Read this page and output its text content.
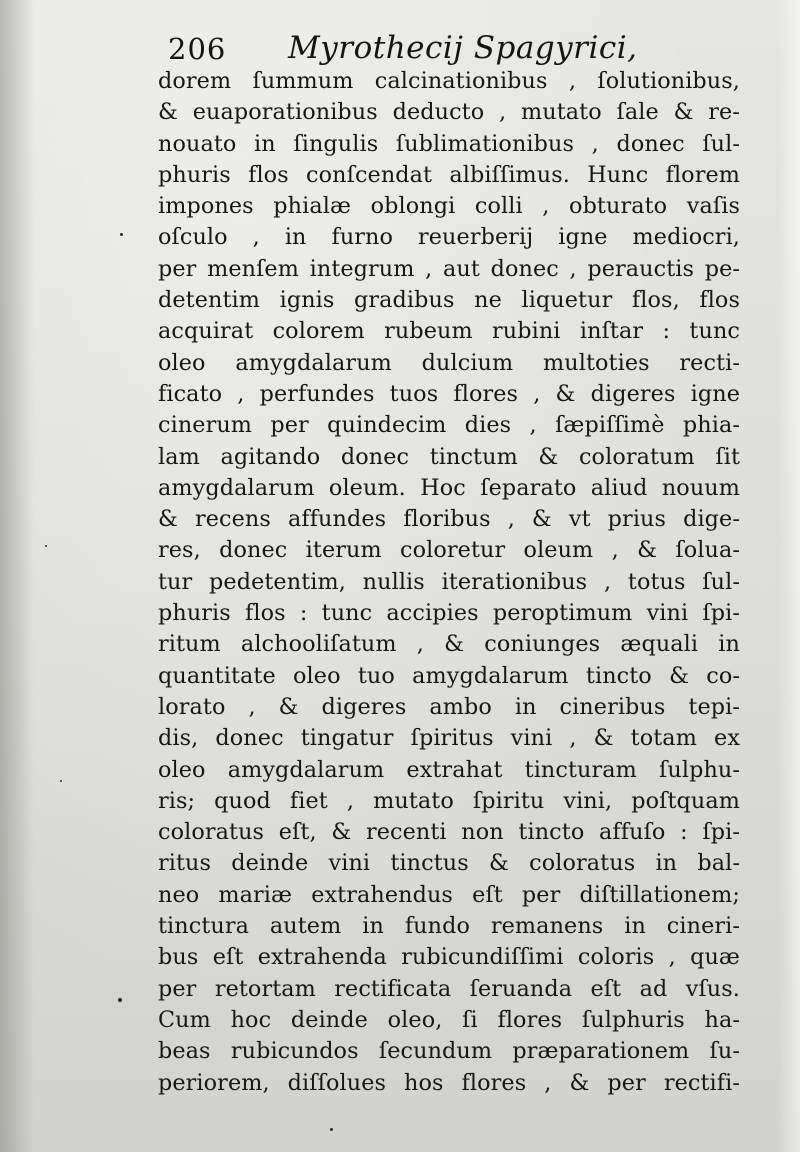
206 Myrothecij Spagyrici,
dorem ſummum calcinationibus , ſolutionibus,
& euaporationibus deducto , mutato ſale & re-
nouato in ſingulis ſublimationibus , donec ſul-
phuris flos conſcendat albiſſimus. Hunc florem
impones phialæ oblongi colli , obturato vaſis
oſculo , in furno reuerberij igne mediocri,
per menſem integrum , aut donec , perauctis pe-
detentim ignis gradibus ne liquetur flos, flos
acquirat colorem rubeum rubini inſtar : tunc
oleo amygdalarum dulcium multoties recti-
ficato , perfundes tuos flores , & digeres igne
cinerum per quindecim dies , ſæpiſſimè phia-
lam agitando donec tinctum & coloratum ſit
amygdalarum oleum. Hoc ſeparato aliud nouum
& recens affundes floribus , & vt prius dige-
res, donec iterum coloretur oleum , & ſolua-
tur pedetentim, nullis iterationibus , totus ſul-
phuris flos : tunc accipies peroptimum vini ſpi-
ritum alchooliſatum , & coniunges æquali in
quantitate oleo tuo amygdalarum tincto & co-
lorato , & digeres ambo in cineribus tepi-
dis, donec tingatur ſpiritus vini , & totam ex
oleo amygdalarum extrahat tincturam ſulphu-
ris; quod fiet , mutato ſpiritu vini, poſtquam
coloratus eſt, & recenti non tincto affuſo : ſpi-
ritus deinde vini tinctus & coloratus in bal-
neo mariæ extrahendus eſt per diſtillationem;
tinctura autem in fundo remanens in cineri-
bus eſt extrahenda rubicundiſſimi coloris , quæ
per retortam rectificata ſeruanda eſt ad vſus.
Cum hoc deinde oleo, ſi flores ſulphuris ha-
beas rubicundos ſecundum præparationem ſu-
periorem, diſſolues hos flores , & per rectifi-
